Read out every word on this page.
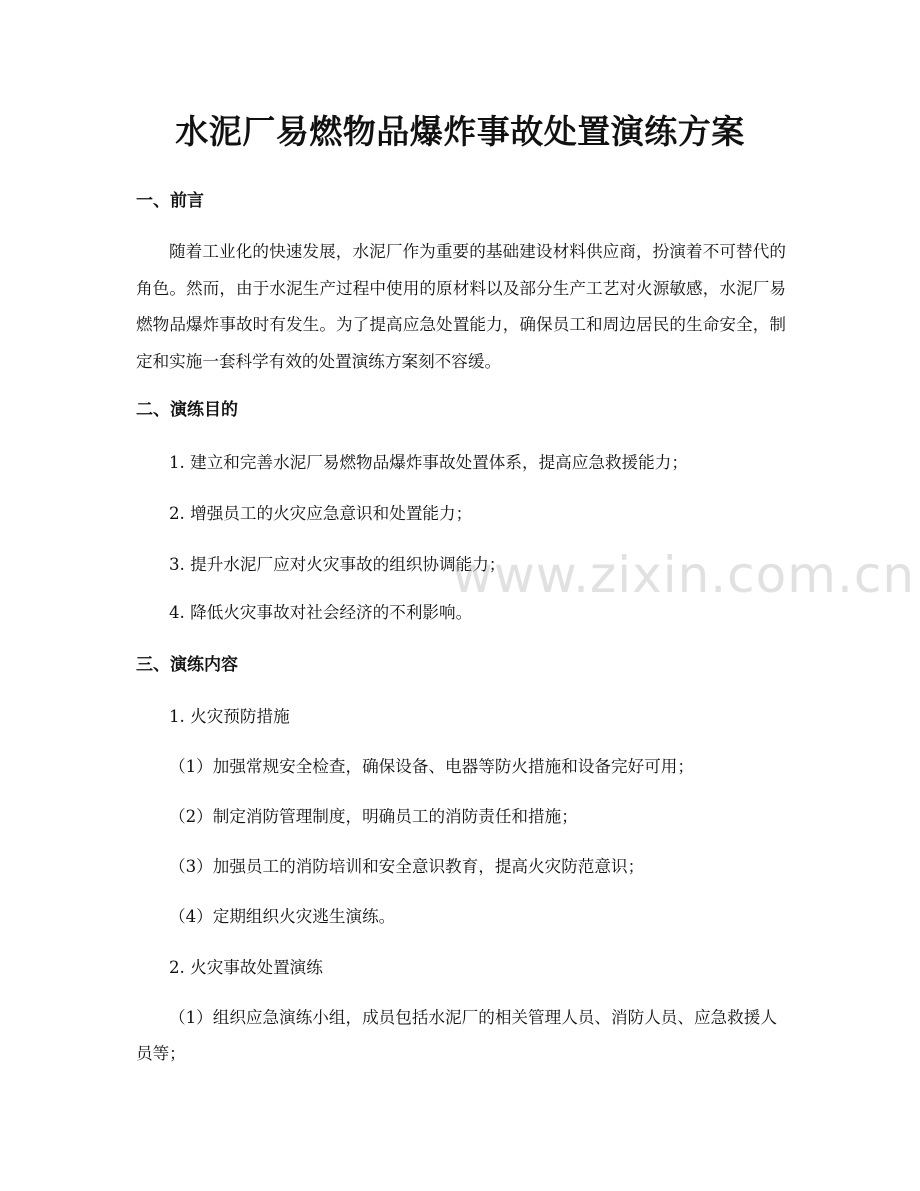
水泥厂易燃物品爆炸事故处置演练方案
一、前言
随着工业化的快速发展，水泥厂作为重要的基础建设材料供应商，扮演着不可替代的角色。然而，由于水泥生产过程中使用的原材料以及部分生产工艺对火源敏感，水泥厂易燃物品爆炸事故时有发生。为了提高应急处置能力，确保员工和周边居民的生命安全，制定和实施一套科学有效的处置演练方案刻不容缓。
二、演练目的
1. 建立和完善水泥厂易燃物品爆炸事故处置体系，提高应急救援能力；
2. 增强员工的火灾应急意识和处置能力；
3. 提升水泥厂应对火灾事故的组织协调能力；
4. 降低火灾事故对社会经济的不利影响。
三、演练内容
1. 火灾预防措施
（1）加强常规安全检查，确保设备、电器等防火措施和设备完好可用；
（2）制定消防管理制度，明确员工的消防责任和措施；
（3）加强员工的消防培训和安全意识教育，提高火灾防范意识；
（4）定期组织火灾逃生演练。
2. 火灾事故处置演练
（1）组织应急演练小组，成员包括水泥厂的相关管理人员、消防人员、应急救援人员等；
www.zixin.com.cn
